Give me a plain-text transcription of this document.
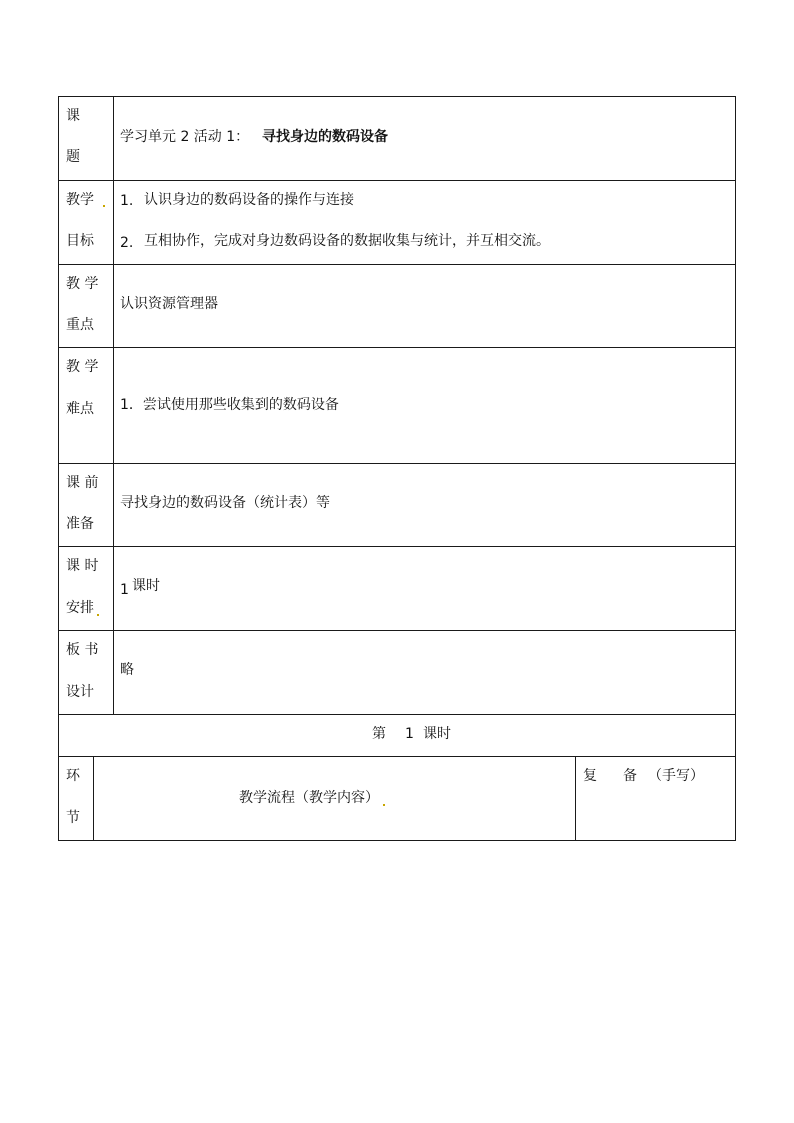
课
题
学习单元 2 活动 1： 寻找身边的数码设备
教学
目标
1. 认识身边的数码设备的操作与连接
2. 互相协作，完成对身边数码设备的数据收集与统计，并互相交流。
教 学
重点
认识资源管理器
教 学
难点 1．尝试使用那些收集到的数码设备
课 前
准备
寻找身边的数码设备（统计表）等
课 时
安排
1 课时
板 书
设计
略
第 1 课时
环
节
教学流程（教学内容）
复 备 （手写）
